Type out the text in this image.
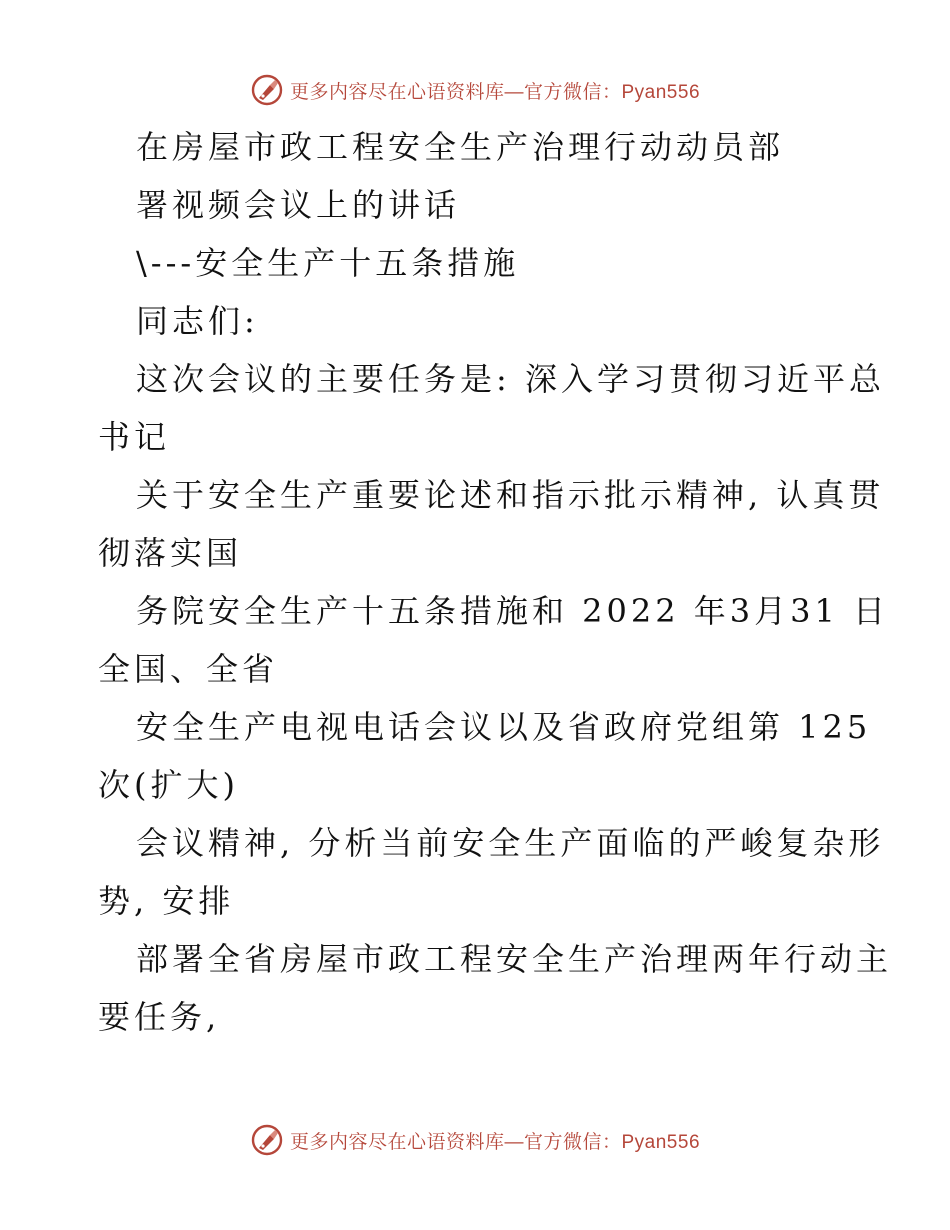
更多内容尽在心语资料库—官方微信：Pyan556
在房屋市政工程安全生产治理行动动员部
署视频会议上的讲话
\---安全生产十五条措施
同志们:
这次会议的主要任务是: 深入学习贯彻习近平总
书记
关于安全生产重要论述和指示批示精神, 认真贯
彻落实国
务院安全生产十五条措施和 2022 年3月31 日
全国、全省
安全生产电视电话会议以及省政府党组第 125
次(扩大)
会议精神, 分析当前安全生产面临的严峻复杂形
势, 安排
部署全省房屋市政工程安全生产治理两年行动主
要任务,
更多内容尽在心语资料库—官方微信：Pyan556
